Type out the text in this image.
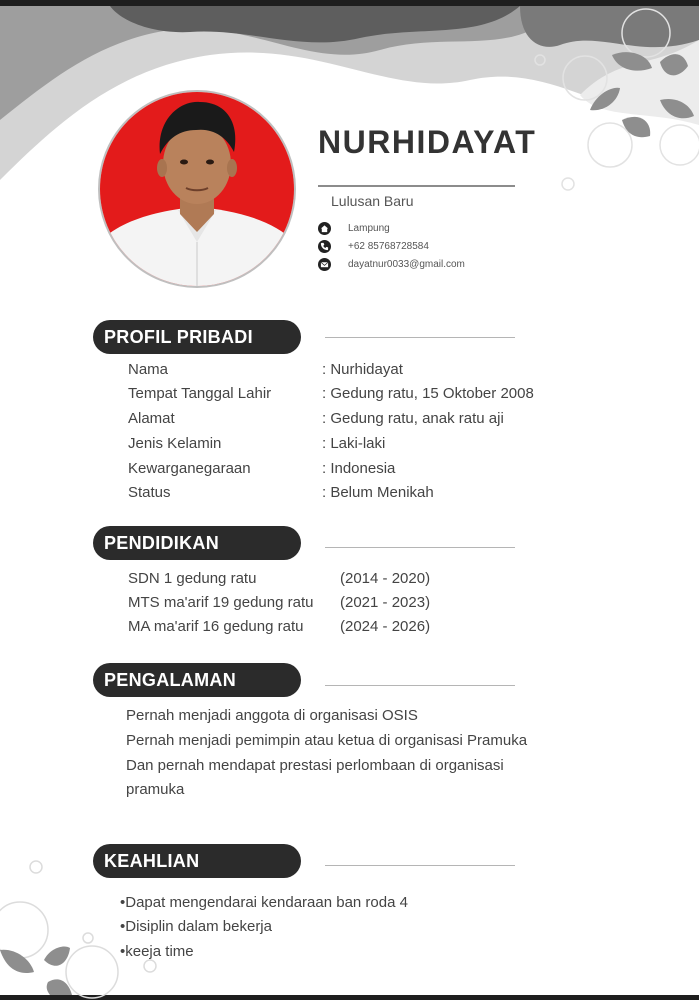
NURHIDAYAT
Lulusan Baru
Lampung
+62 85768728584
dayatnur0033@gmail.com
PROFIL PRIBADI
Nama	: Nurhidayat
Tempat Tanggal Lahir	: Gedung ratu, 15 Oktober 2008
Alamat	: Gedung ratu, anak ratu aji
Jenis Kelamin	: Laki-laki
Kewarganegaraan	: Indonesia
Status	: Belum Menikah
PENDIDIKAN
SDN 1 gedung ratu	(2014 - 2020)
MTS ma'arif 19 gedung ratu (2021 - 2023)
MA ma'arif 16 gedung ratu (2024 - 2026)
PENGALAMAN
Pernah menjadi anggota di organisasi OSIS
Pernah menjadi pemimpin atau ketua di organisasi Pramuka
Dan pernah mendapat prestasi perlombaan di organisasi
pramuka
KEAHLIAN
•Dapat mengendarai kendaraan ban roda 4
•Disiplin dalam bekerja
•keeja time
